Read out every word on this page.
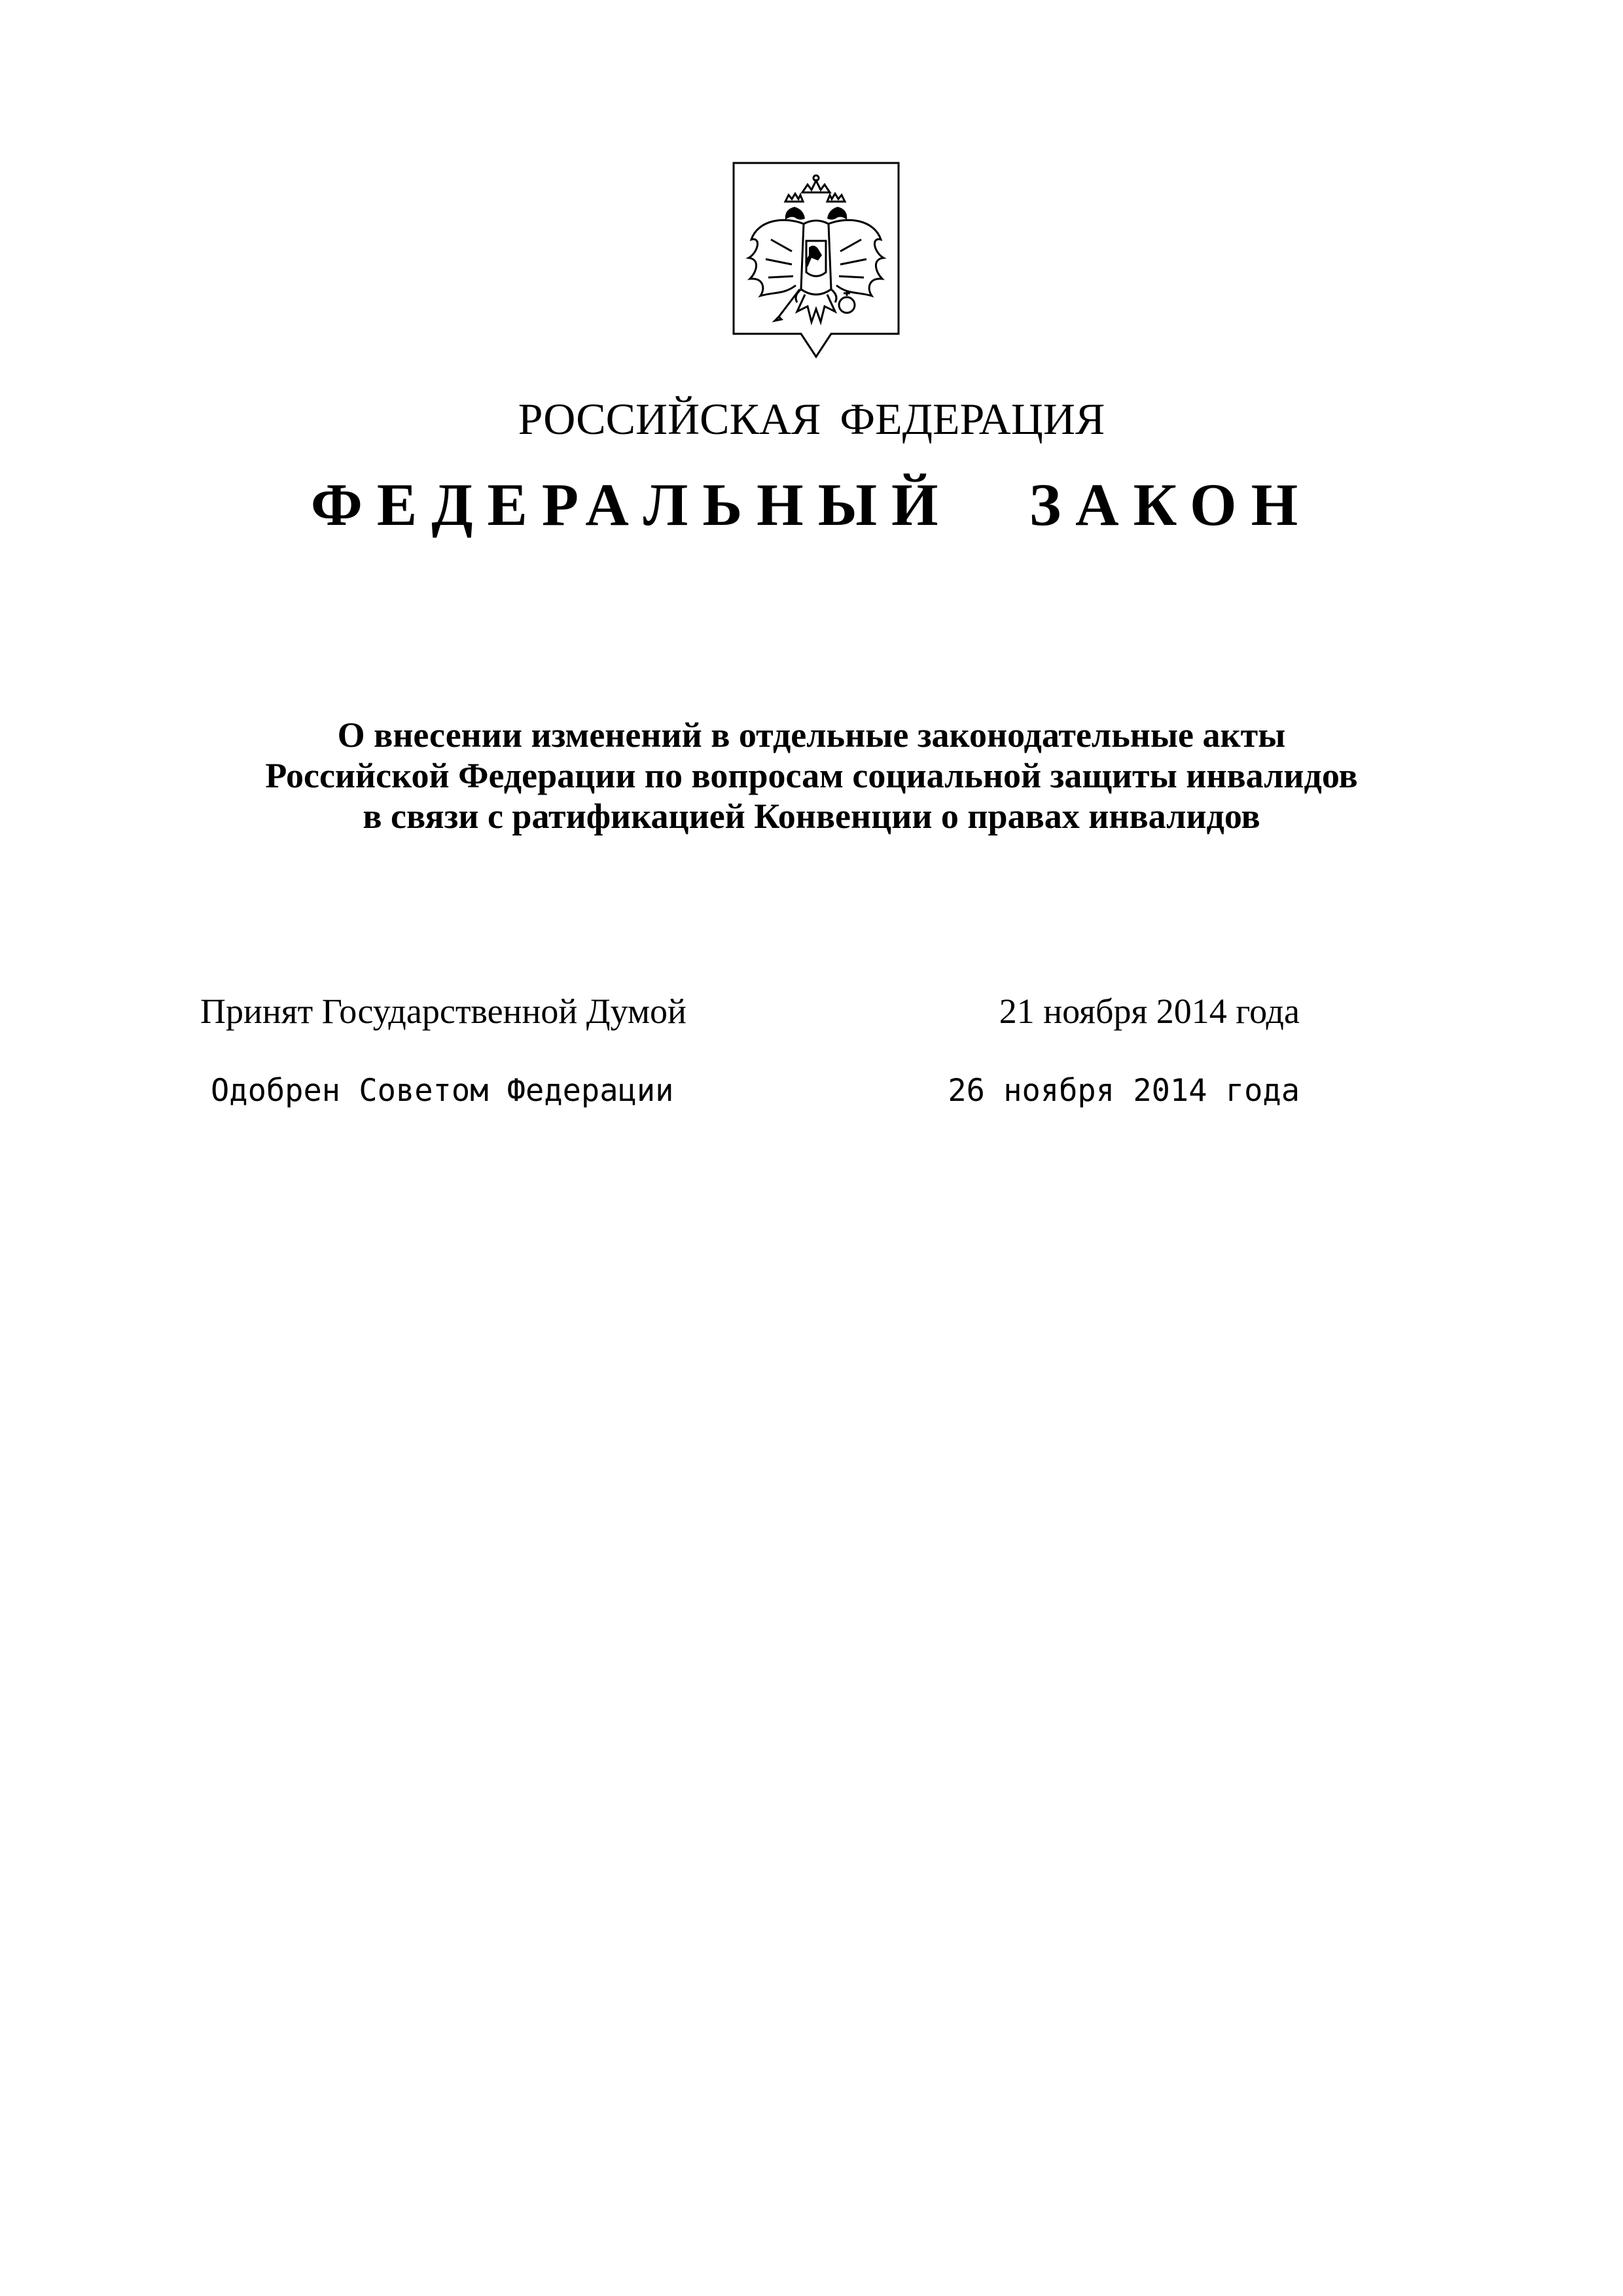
РОССИЙСКАЯ ФЕДЕРАЦИЯ
ФЕДЕРАЛЬНЫЙ ЗАКОН
О внесении изменений в отдельные законодательные акты
Российской Федерации по вопросам социальной защиты инвалидов
в связи с ратификацией Конвенции о правах инвалидов
Принят Государственной Думой	21 ноября 2014 года
Одобрен Советом Федерации	26 ноября 2014 года
